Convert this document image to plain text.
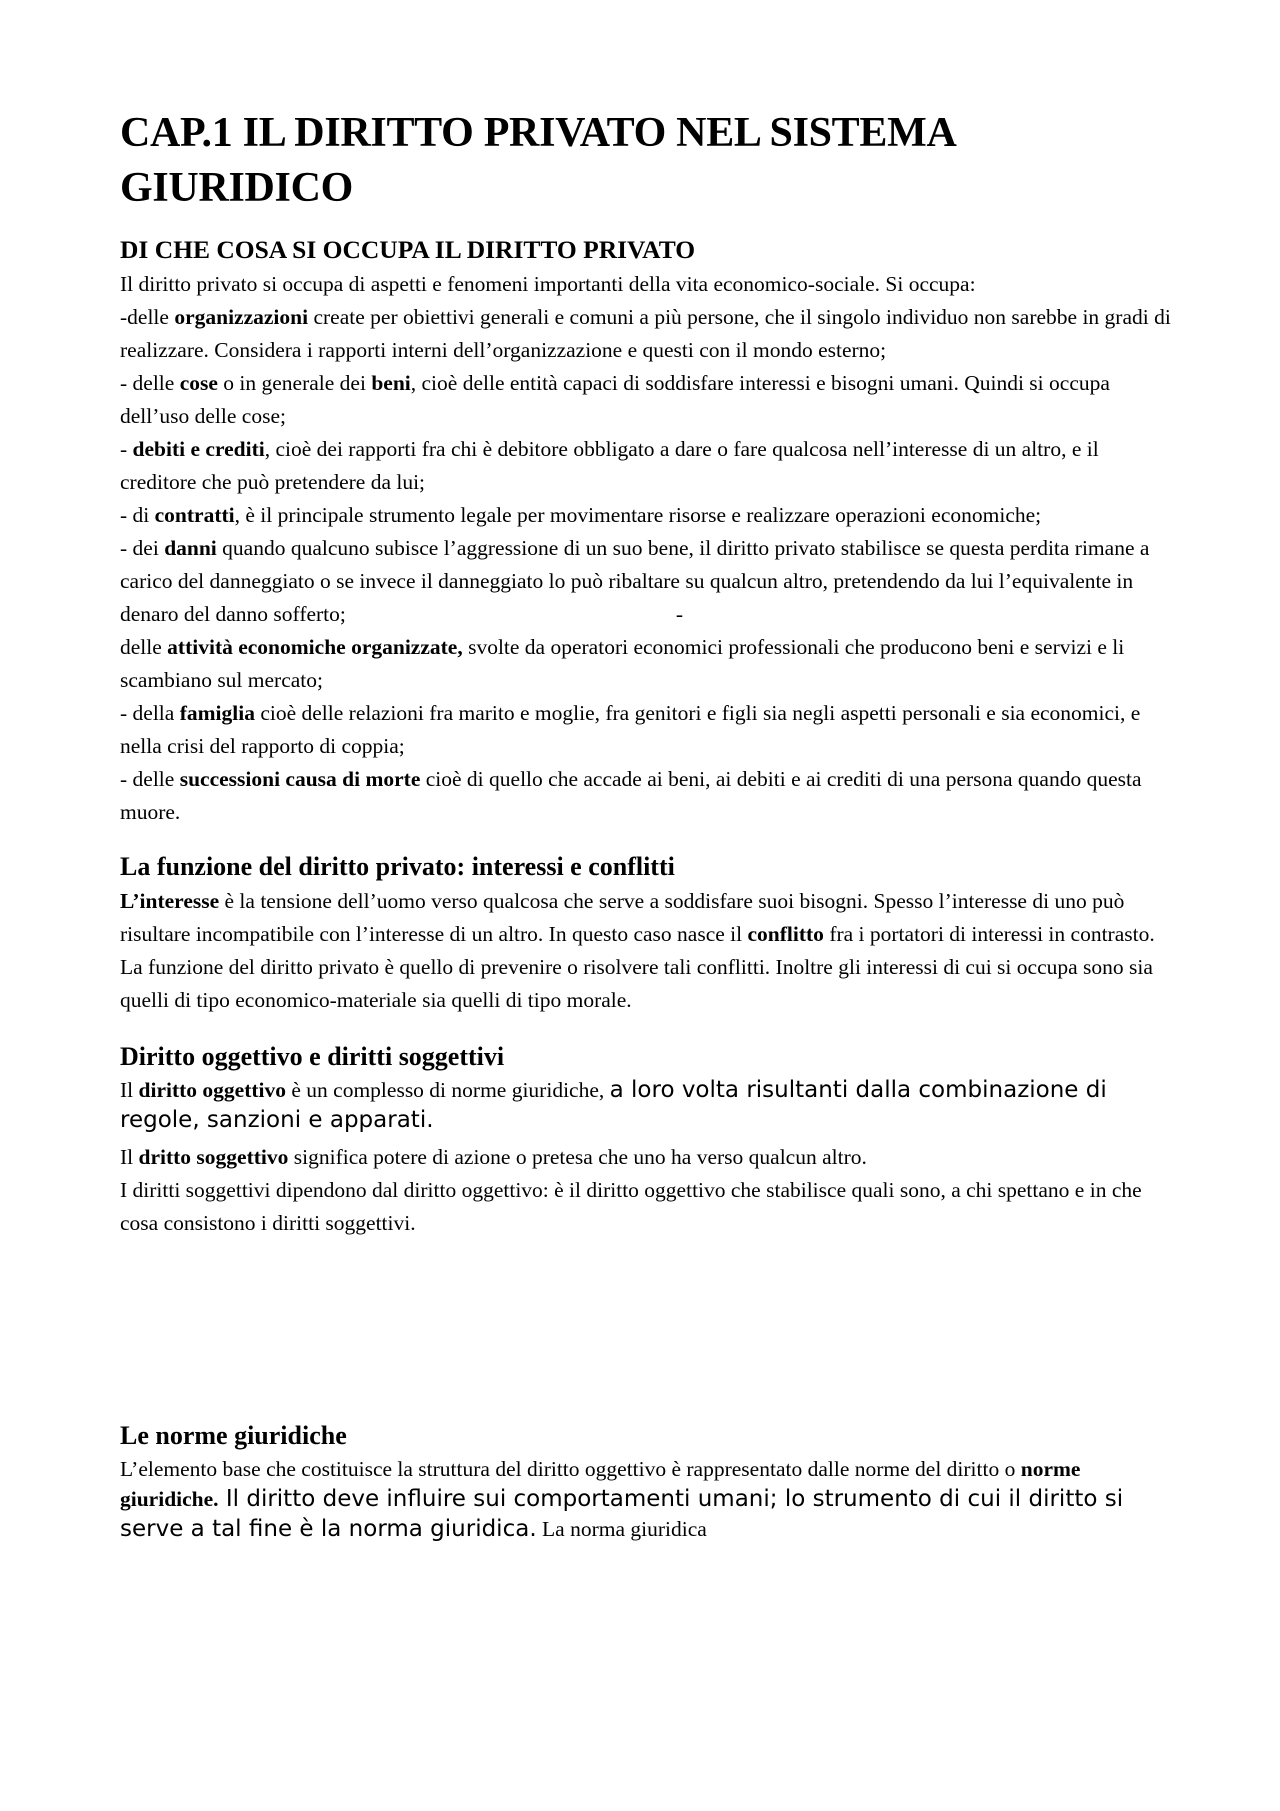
CAP.1 IL DIRITTO PRIVATO NEL SISTEMA GIURIDICO
DI CHE COSA SI OCCUPA IL DIRITTO PRIVATO

Il diritto privato si occupa di aspetti e fenomeni importanti della vita economico-sociale. Si occupa:

-delle organizzazioni create per obiettivi generali e comuni a più persone, che il singolo individuo non sarebbe in gradi di realizzare. Considera i rapporti interni dell’organizzazione e questi con il mondo esterno;

- delle cose o in generale dei beni, cioè delle entità capaci di soddisfare interessi e bisogni umani. Quindi si occupa dell’uso delle cose;

- debiti e crediti, cioè dei rapporti fra chi è debitore obbligato a dare o fare qualcosa nell’interesse di un altro, e il creditore che può pretendere da lui;

- di contratti, è il principale strumento legale per movimentare risorse e realizzare operazioni economiche;

- dei danni quando qualcuno subisce l’aggressione di un suo bene, il diritto privato stabilisce se questa perdita rimane a carico del danneggiato o se invece il danneggiato lo può ribaltare su qualcun altro, pretendendo da lui l’equivalente in denaro del danno sofferto;	-

delle attività economiche organizzate, svolte da operatori economici professionali che producono beni e servizi e li scambiano sul mercato;

- della famiglia cioè delle relazioni fra marito e moglie, fra genitori e figli sia negli aspetti personali e sia economici, e nella crisi del rapporto di coppia;

- delle successioni causa di morte cioè di quello che accade ai beni, ai debiti e ai crediti di una persona quando questa muore.

La funzione del diritto privato: interessi e conflitti

L’interesse è la tensione dell’uomo verso qualcosa che serve a soddisfare suoi bisogni. Spesso l’interesse di uno può risultare incompatibile con l’interesse di un altro. In questo caso nasce il conflitto fra i portatori di interessi in contrasto. La funzione del diritto privato è quello di prevenire o risolvere tali conflitti. Inoltre gli interessi di cui si occupa sono sia quelli di tipo economico-materiale sia quelli di tipo morale.

Diritto oggettivo e diritti soggettivi

Il diritto oggettivo è un complesso di norme giuridiche, a loro volta risultanti dalla combinazione di
regole, sanzioni e apparati.

Il dritto soggettivo significa potere di azione o pretesa che uno ha verso qualcun altro.

I diritti soggettivi dipendono dal diritto oggettivo: è il diritto oggettivo che stabilisce quali sono, a chi spettano e in che cosa consistono i diritti soggettivi.

Le norme giuridiche

L’elemento base che costituisce la struttura del diritto oggettivo è rappresentato dalle norme del diritto o norme giuridiche. Il diritto deve influire sui comportamenti umani; lo strumento di cui il diritto si serve a tal fine è la norma giuridica. La norma giuridica
